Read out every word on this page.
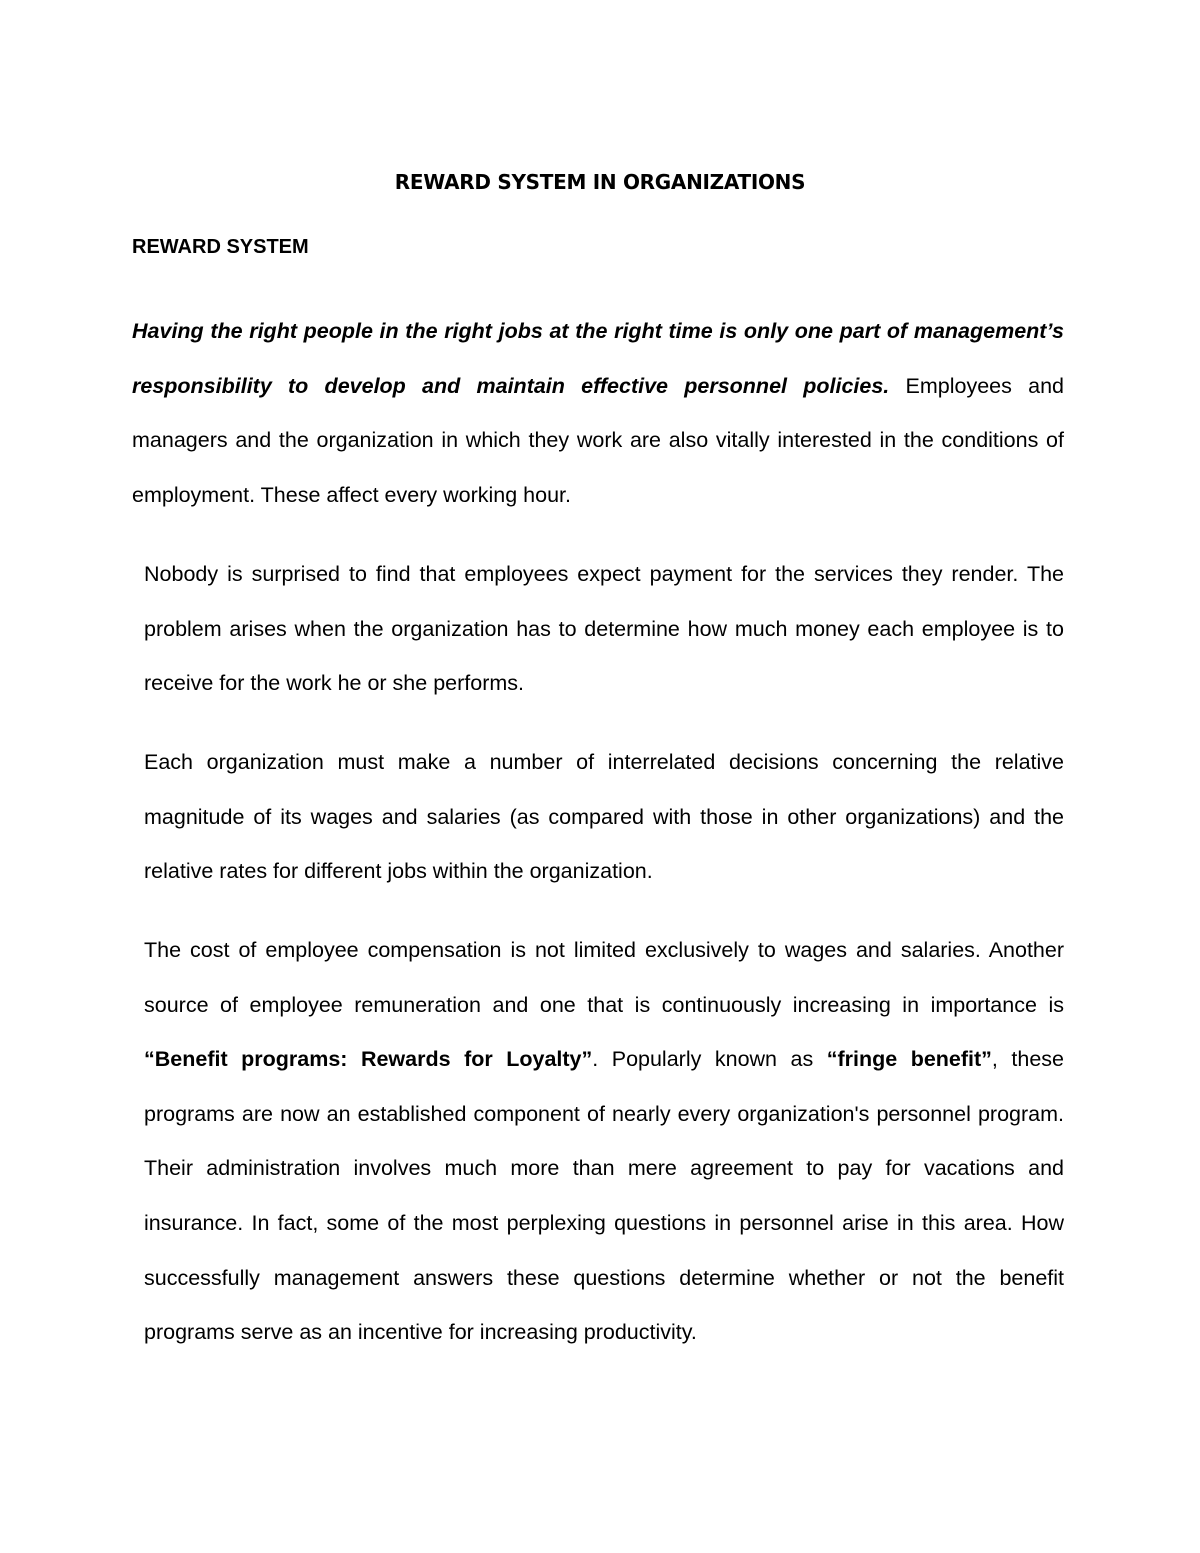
REWARD SYSTEM IN ORGANIZATIONS
REWARD SYSTEM

Having the right people in the right jobs at the right time is only one part of management’s responsibility to develop and maintain effective personnel policies. Employees and managers and the organization in which they work are also vitally interested in the conditions of employment. These affect every working hour.

Nobody is surprised to find that employees expect payment for the services they render. The problem arises when the organization has to determine how much money each employee is to receive for the work he or she performs.

Each organization must make a number of interrelated decisions concerning the relative magnitude of its wages and salaries (as compared with those in other organizations) and the relative rates for different jobs within the organization.

The cost of employee compensation is not limited exclusively to wages and salaries. Another source of employee remuneration and one that is continuously increasing in importance is “Benefit programs: Rewards for Loyalty”. Popularly known as “fringe benefit”, these programs are now an established component of nearly every organization's personnel program. Their administration involves much more than mere agreement to pay for vacations and insurance. In fact, some of the most perplexing questions in personnel arise in this area. How successfully management answers these questions determine whether or not the benefit programs serve as an incentive for increasing productivity.
